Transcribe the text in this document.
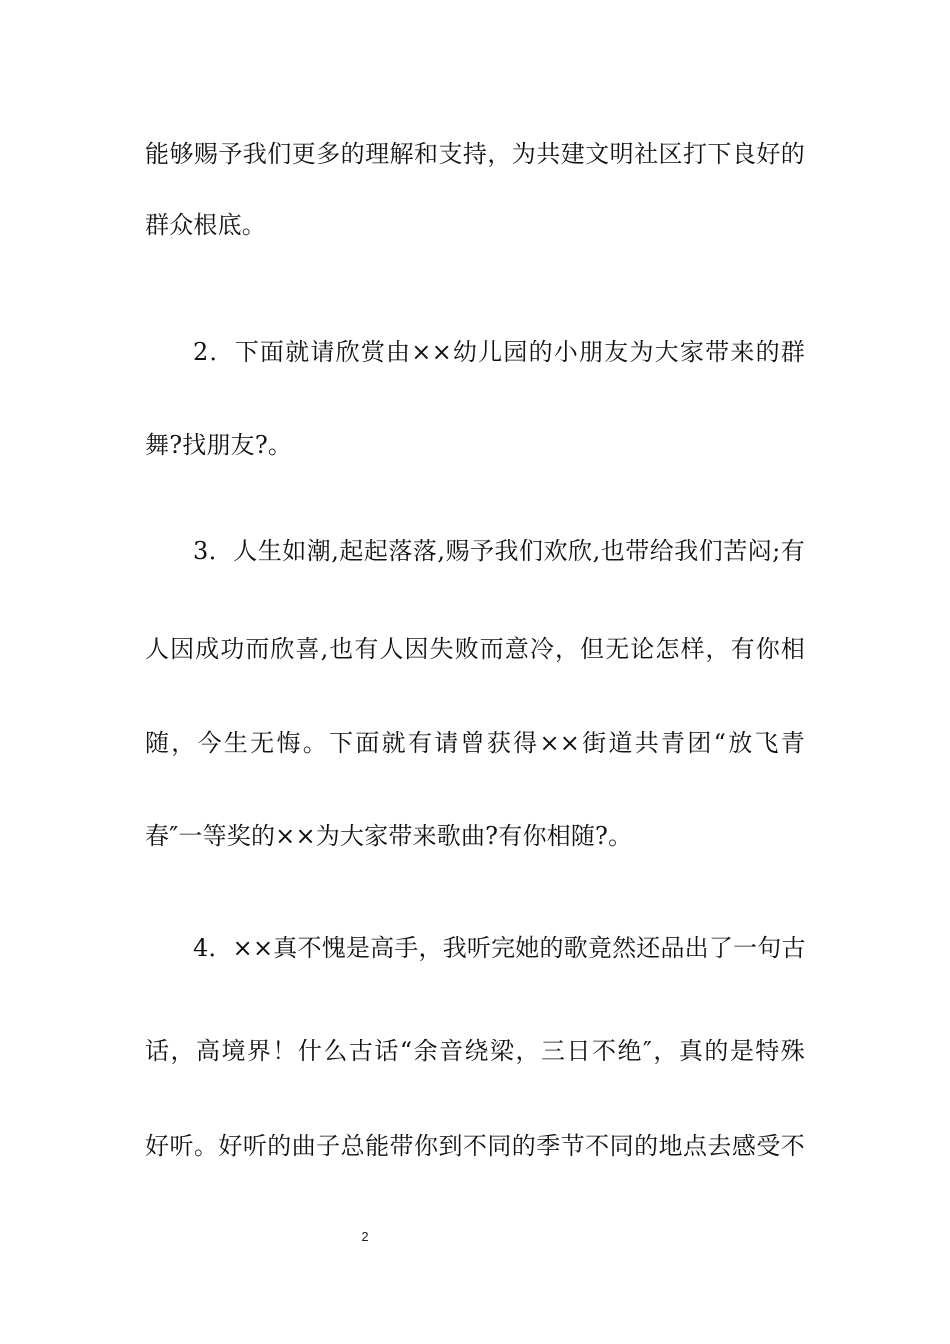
能够赐予我们更多的理解和支持，为共建文明社区打下良好的
群众根底。
2．下面就请欣赏由××幼儿园的小朋友为大家带来的群
舞?找朋友?。
3．人生如潮,起起落落,赐予我们欢欣,也带给我们苦闷;有
人因成功而欣喜,也有人因失败而意冷，但无论怎样，有你相
随，今生无悔。下面就有请曾获得××街道共青团“放飞青
春″一等奖的××为大家带来歌曲?有你相随?。
4．××真不愧是高手，我听完她的歌竟然还品出了一句古
话，高境界！什么古话“余音绕梁，三日不绝″，真的是特殊
好听。好听的曲子总能带你到不同的季节不同的地点去感受不
2
